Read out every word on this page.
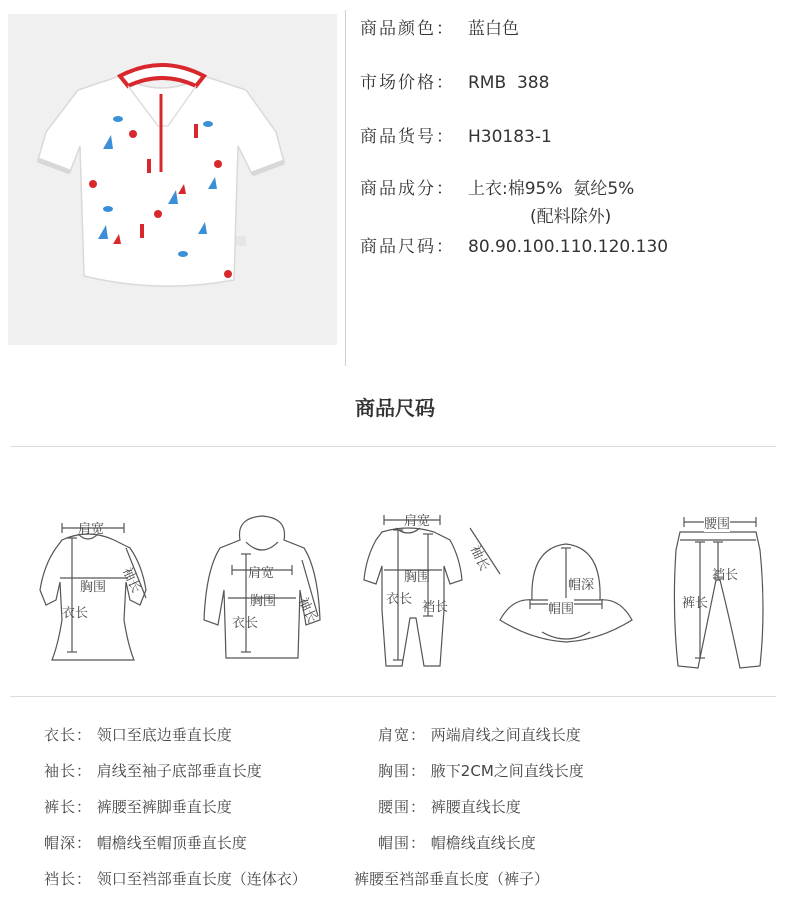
商品颜色： 蓝白色
市场价格： RMB  388
商品货号： H30183-1
商品成分： 上衣:棉95%  氨纶5%
(配料除外)
商品尺码： 80.90.100.110.120.130
商品尺码
肩宽
胸围
衣长
袖长	肩宽
胸围
衣长	袖长
肩宽
胸围
衣长
裆长
袖长
帽深
帽围
腰围
裆长
裤长
衣长： 领口至底边垂直长度
袖长： 肩线至袖子底部垂直长度
裤长： 裤腰至裤脚垂直长度
帽深： 帽檐线至帽顶垂直长度
裆长： 领口至裆部垂直长度（连体衣）
肩宽： 两端肩线之间直线长度
胸围： 腋下2CM之间直线长度
腰围： 裤腰直线长度
帽围： 帽檐线直线长度
裤腰至裆部垂直长度（裤子）
